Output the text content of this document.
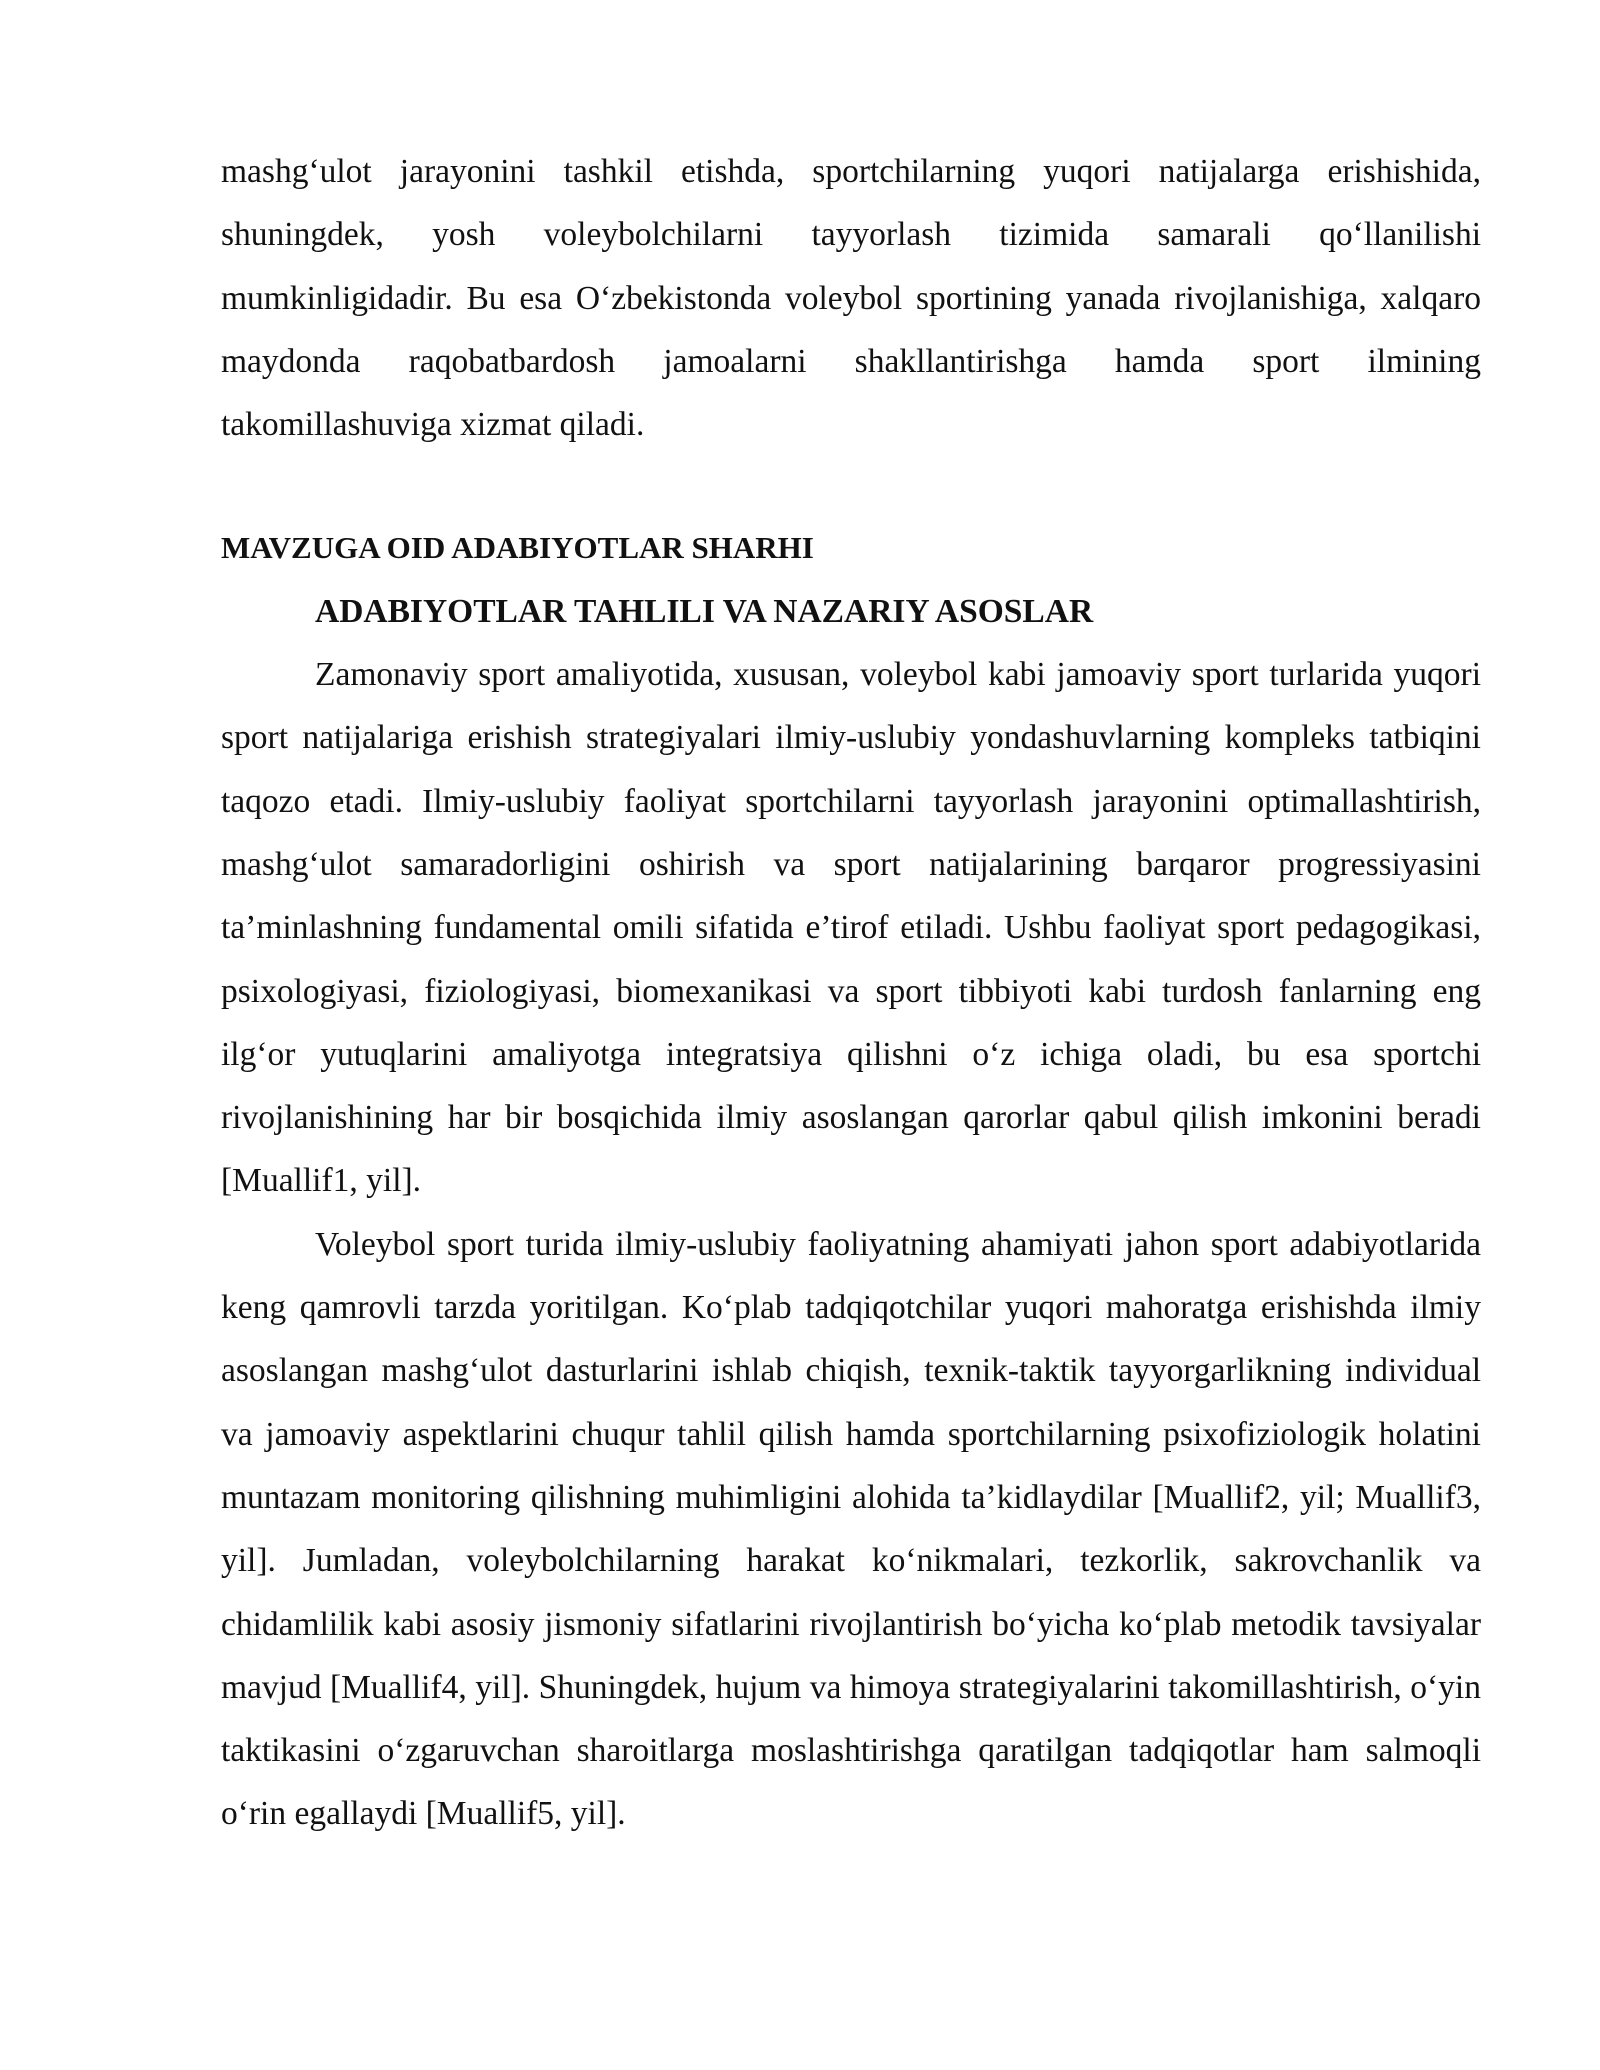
mashg‘ulot jarayonini tashkil etishda, sportchilarning yuqori natijalarga erishishida, shuningdek, yosh voleybolchilarni tayyorlash tizimida samarali qo‘llanilishi mumkinligidadir. Bu esa O‘zbekistonda voleybol sportining yanada rivojlanishiga, xalqaro maydonda raqobatbardosh jamoalarni shakllantirishga hamda sport ilmining takomillashuviga xizmat qiladi.

MAVZUGA OID ADABIYOTLAR SHARHI

ADABIYOTLAR TAHLILI VA NAZARIY ASOSLAR

Zamonaviy sport amaliyotida, xususan, voleybol kabi jamoaviy sport turlarida yuqori sport natijalariga erishish strategiyalari ilmiy-uslubiy yondashuvlarning kompleks tatbiqini taqozo etadi. Ilmiy-uslubiy faoliyat sportchilarni tayyorlash jarayonini optimallashtirish, mashg‘ulot samaradorligini oshirish va sport natijalarining barqaror progressiyasini ta’minlashning fundamental omili sifatida e’tirof etiladi. Ushbu faoliyat sport pedagogikasi, psixologiyasi, fiziologiyasi, biomexanikasi va sport tibbiyoti kabi turdosh fanlarning eng ilg‘or yutuqlarini amaliyotga integratsiya qilishni o‘z ichiga oladi, bu esa sportchi rivojlanishining har bir bosqichida ilmiy asoslangan qarorlar qabul qilish imkonini beradi [Muallif1, yil].

Voleybol sport turida ilmiy-uslubiy faoliyatning ahamiyati jahon sport adabiyotlarida keng qamrovli tarzda yoritilgan. Ko‘plab tadqiqotchilar yuqori mahoratga erishishda ilmiy asoslangan mashg‘ulot dasturlarini ishlab chiqish, texnik-taktik tayyorgarlikning individual va jamoaviy aspektlarini chuqur tahlil qilish hamda sportchilarning psixofiziologik holatini muntazam monitoring qilishning muhimligini alohida ta’kidlaydilar [Muallif2, yil; Muallif3, yil]. Jumladan, voleybolchilarning harakat ko‘nikmalari, tezkorlik, sakrovchanlik va chidamlilik kabi asosiy jismoniy sifatlarini rivojlantirish bo‘yicha ko‘plab metodik tavsiyalar mavjud [Muallif4, yil]. Shuningdek, hujum va himoya strategiyalarini takomillashtirish, o‘yin taktikasini o‘zgaruvchan sharoitlarga moslashtirishga qaratilgan tadqiqotlar ham salmoqli o‘rin egallaydi [Muallif5, yil].
